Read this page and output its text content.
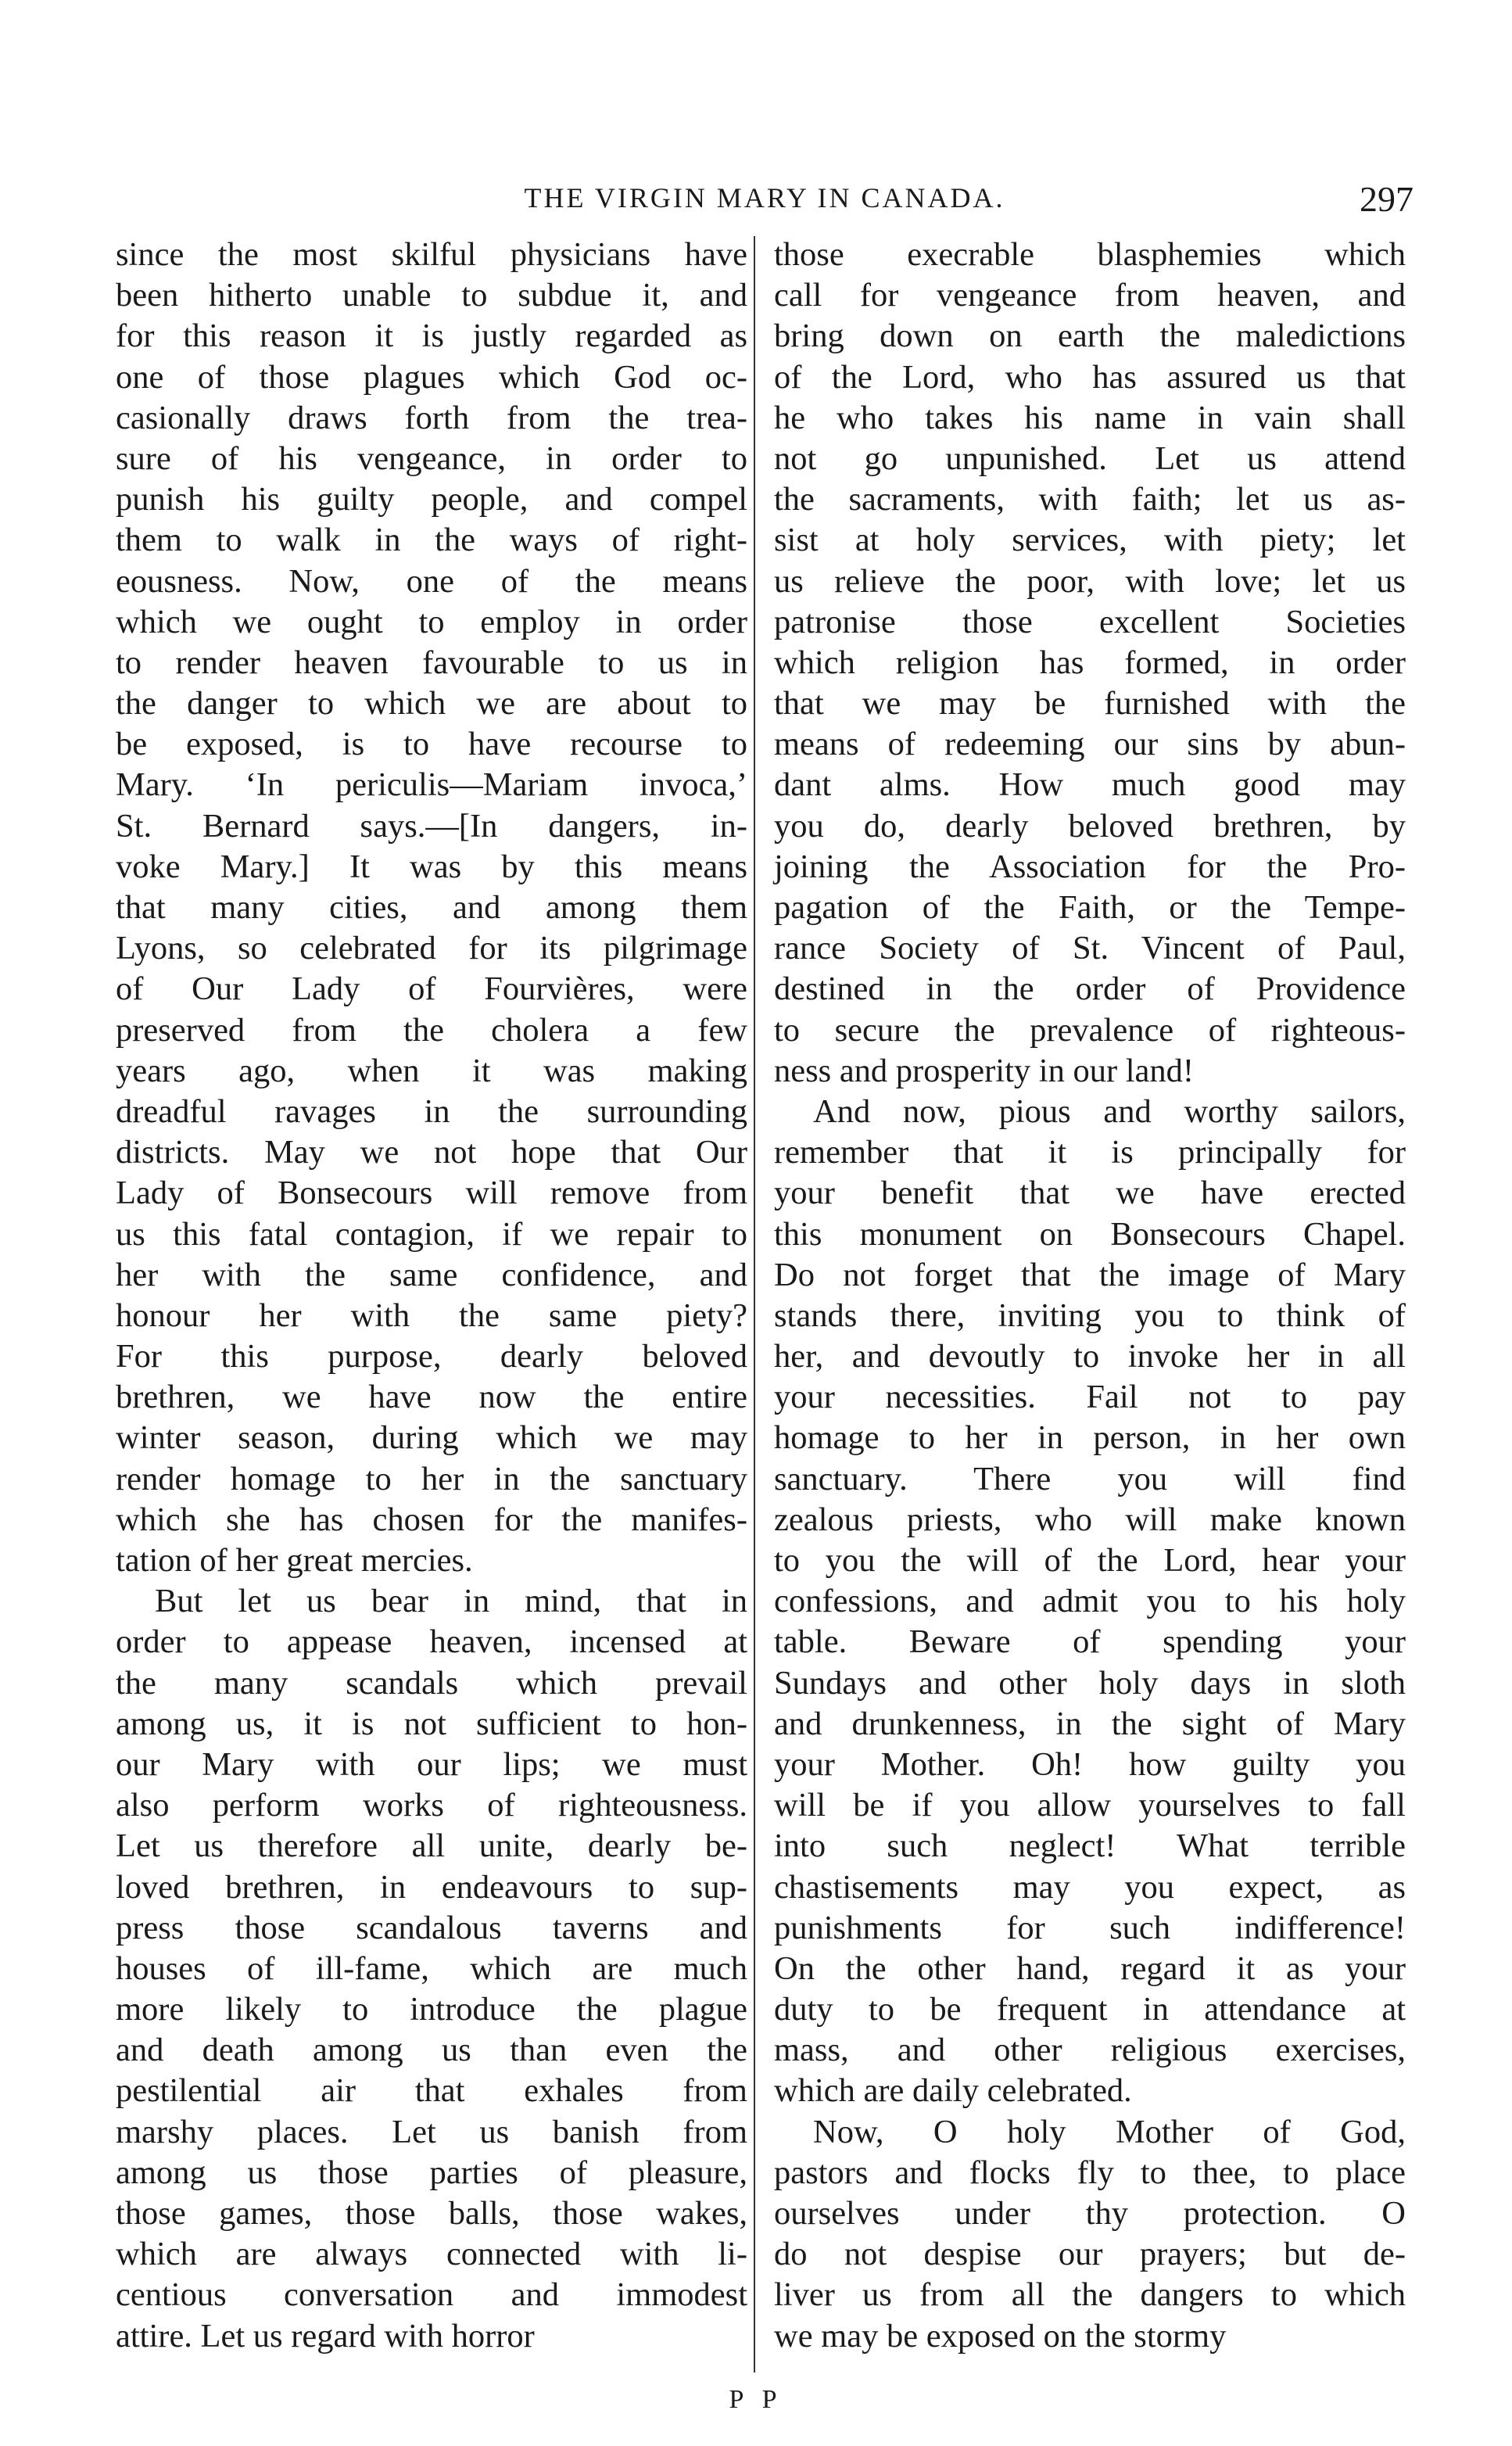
THE VIRGIN MARY IN CANADA.	297
since the most skilful physicians have
been hitherto unable to subdue it, and
for this reason it is justly regarded as
one of those plagues which God oc-
casionally draws forth from the trea-
sure of his vengeance, in order to
punish his guilty people, and compel
them to walk in the ways of right-
eousness. Now, one of the means
which we ought to employ in order
to render heaven favourable to us in
the danger to which we are about to
be exposed, is to have recourse to
Mary. ‘In periculis—Mariam invoca,’
St. Bernard says.—[In dangers, in-
voke Mary.] It was by this means
that many cities, and among them
Lyons, so celebrated for its pilgrimage
of Our Lady of Fourvières, were
preserved from the cholera a few
years ago, when it was making
dreadful ravages in the surrounding
districts. May we not hope that Our
Lady of Bonsecours will remove from
us this fatal contagion, if we repair to
her with the same confidence, and
honour her with the same piety?
For this purpose, dearly beloved
brethren, we have now the entire
winter season, during which we may
render homage to her in the sanctuary
which she has chosen for the manifes-
tation of her great mercies.
But let us bear in mind, that in
order to appease heaven, incensed at
the many scandals which prevail
among us, it is not sufficient to hon-
our Mary with our lips; we must
also perform works of righteousness.
Let us therefore all unite, dearly be-
loved brethren, in endeavours to sup-
press those scandalous taverns and
houses of ill-fame, which are much
more likely to introduce the plague
and death among us than even the
pestilential air that exhales from
marshy places. Let us banish from
among us those parties of pleasure,
those games, those balls, those wakes,
which are always connected with li-
centious conversation and immodest
attire. Let us regard with horror
those execrable blasphemies which
call for vengeance from heaven, and
bring down on earth the maledictions
of the Lord, who has assured us that
he who takes his name in vain shall
not go unpunished. Let us attend
the sacraments, with faith; let us as-
sist at holy services, with piety; let
us relieve the poor, with love; let us
patronise those excellent Societies
which religion has formed, in order
that we may be furnished with the
means of redeeming our sins by abun-
dant alms. How much good may
you do, dearly beloved brethren, by
joining the Association for the Pro-
pagation of the Faith, or the Tempe-
rance Society of St. Vincent of Paul,
destined in the order of Providence
to secure the prevalence of righteous-
ness and prosperity in our land!
And now, pious and worthy sailors,
remember that it is principally for
your benefit that we have erected
this monument on Bonsecours Chapel.
Do not forget that the image of Mary
stands there, inviting you to think of
her, and devoutly to invoke her in all
your necessities. Fail not to pay
homage to her in person, in her own
sanctuary. There you will find
zealous priests, who will make known
to you the will of the Lord, hear your
confessions, and admit you to his holy
table. Beware of spending your
Sundays and other holy days in sloth
and drunkenness, in the sight of Mary
your Mother. Oh! how guilty you
will be if you allow yourselves to fall
into such neglect! What terrible
chastisements may you expect, as
punishments for such indifference!
On the other hand, regard it as your
duty to be frequent in attendance at
mass, and other religious exercises,
which are daily celebrated.
Now, O holy Mother of God,
pastors and flocks fly to thee, to place
ourselves under thy protection. O
do not despise our prayers; but de-
liver us from all the dangers to which
we may be exposed on the stormy
P P
